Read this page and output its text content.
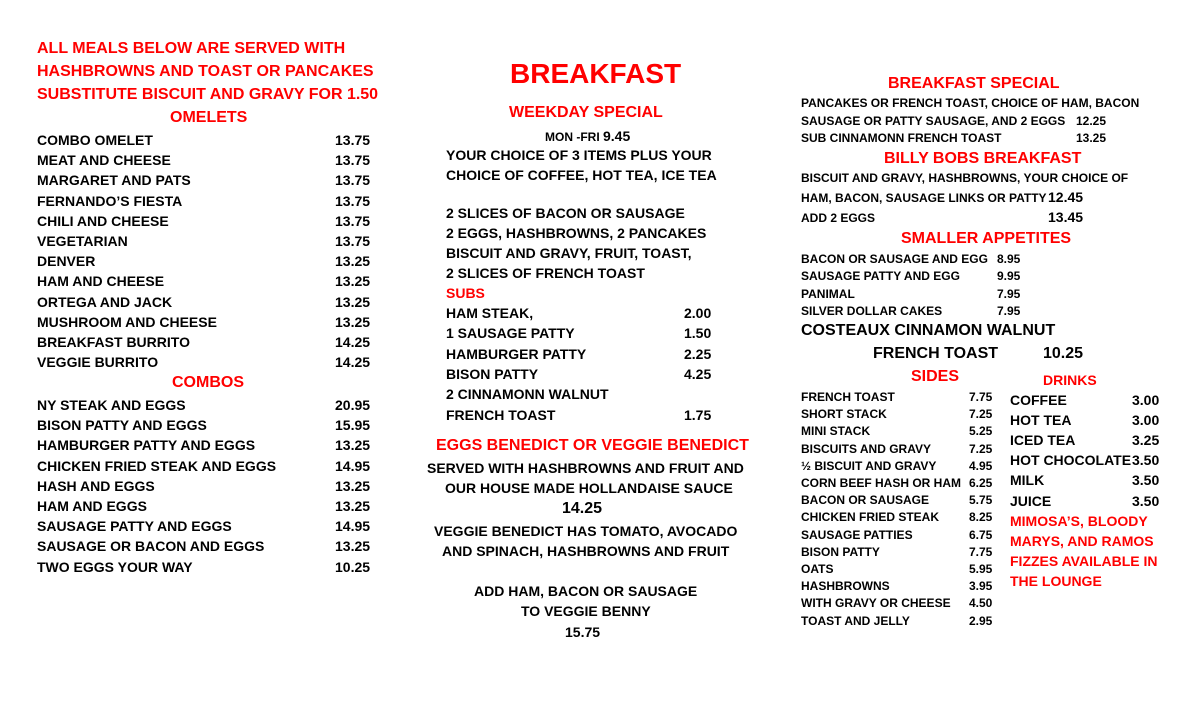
ALL MEALS BELOW ARE SERVED WITH
HASHBROWNS AND TOAST OR PANCAKES
SUBSTITUTE BISCUIT AND GRAVY FOR 1.50
OMELETS
COMBO OMELET	13.75
MEAT AND CHEESE	13.75
MARGARET AND PATS	13.75
FERNANDO’S FIESTA	13.75
CHILI AND CHEESE	13.75
VEGETARIAN	13.75
DENVER	13.25
HAM AND CHEESE	13.25
ORTEGA AND JACK	13.25
MUSHROOM AND CHEESE	13.25
BREAKFAST BURRITO	14.25
VEGGIE BURRITO	14.25
COMBOS
NY STEAK AND EGGS	20.95
BISON PATTY AND EGGS	15.95
HAMBURGER PATTY AND EGGS	13.25
CHICKEN FRIED STEAK AND EGGS	14.95
HASH AND EGGS	13.25
HAM AND EGGS	13.25
SAUSAGE PATTY AND EGGS	14.95
SAUSAGE OR BACON AND EGGS	13.25
TWO EGGS YOUR WAY	10.25
BREAKFAST
WEEKDAY SPECIAL
MON -FRI 9.45
YOUR CHOICE OF 3 ITEMS PLUS YOUR
CHOICE OF COFFEE, HOT TEA, ICE TEA
2 SLICES OF BACON OR SAUSAGE
2 EGGS, HASHBROWNS, 2 PANCAKES
BISCUIT AND GRAVY, FRUIT, TOAST,
2 SLICES OF FRENCH TOAST
SUBS
HAM STEAK,	2.00
1 SAUSAGE PATTY	1.50
HAMBURGER PATTY	2.25
BISON PATTY	4.25
2 CINNAMONN WALNUT
FRENCH TOAST	1.75
EGGS BENEDICT OR VEGGIE BENEDICT
SERVED WITH HASHBROWNS AND FRUIT AND
OUR HOUSE MADE HOLLANDAISE SAUCE
14.25
VEGGIE BENEDICT HAS TOMATO, AVOCADO
AND SPINACH, HASHBROWNS AND FRUIT
ADD HAM, BACON OR SAUSAGE
TO VEGGIE BENNY
15.75
BREAKFAST SPECIAL
PANCAKES OR FRENCH TOAST, CHOICE OF HAM, BACON
SAUSAGE OR PATTY SAUSAGE, AND 2 EGGS 12.25
SUB CINNAMONN FRENCH TOAST	13.25
BILLY BOBS BREAKFAST
BISCUIT AND GRAVY, HASHBROWNS, YOUR CHOICE OF
HAM, BACON, SAUSAGE LINKS OR PATTY 12.45
ADD 2 EGGS	13.45
SMALLER APPETITES
BACON OR SAUSAGE AND EGG 8.95
SAUSAGE PATTY AND EGG	9.95
PANIMAL	7.95
SILVER DOLLAR CAKES	7.95
COSTEAUX CINNAMON WALNUT
FRENCH TOAST	10.25
SIDES
FRENCH TOAST	7.75
SHORT STACK	7.25
MINI STACK	5.25
BISCUITS AND GRAVY	7.25
½ BISCUIT AND GRAVY	4.95
CORN BEEF HASH OR HAM 6.25
BACON OR SAUSAGE	5.75
CHICKEN FRIED STEAK 8.25
SAUSAGE PATTIES	6.75
BISON PATTY	7.75
OATS	5.95
HASHBROWNS	3.95
WITH GRAVY OR CHEESE 4.50
TOAST AND JELLY	2.95
DRINKS
COFFEE	3.00
HOT TEA	3.00
ICED TEA	3.25
HOT CHOCOLATE 3.50
MILK	3.50
JUICE	3.50
MIMOSA’S, BLOODY
MARYS, AND RAMOS
FIZZES AVAILABLE IN
THE LOUNGE
